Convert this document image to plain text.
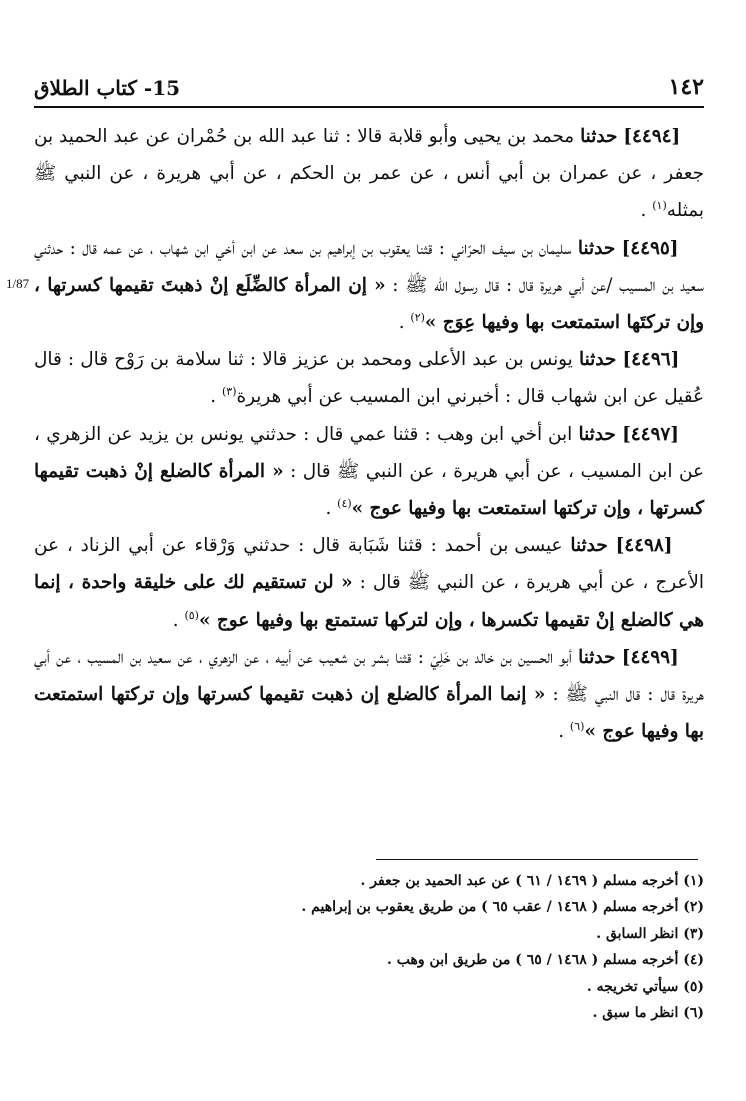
١٤٢
15- كتاب الطلاق
1/87

[٤٤٩٤] حدثنا محمد بن يحيى وأبو قلابة قالا : ثنا عبد الله بن حُمْران عن عبد الحميد بن جعفر ، عن عمران بن أبي أنس ، عن عمر بن الحكم ، عن أبي هريرة ، عن النبي ﷺ بمثله$^{(١)}$ .

[٤٤٩٥] حدثنا سليمان بن سيف الحرّاني : قثنا يعقوب بن إبراهيم بن سعد عن ابن أخي ابن شهاب ، عن عمه قال : حدثني سعيد بن المسيب /عن أبي هريرة قال : قال رسول الله ﷺ : « إن المرأة كالضِّلَع إنْ ذهبتَ تقيمها كسرتها ، وإن تركتَها استمتعت بها وفيها عِوَج »$^{(٢)}$ .

[٤٤٩٦] حدثنا يونس بن عبد الأعلى ومحمد بن عزيز قالا : ثنا سلامة بن رَوْح قال : قال عُقيل عن ابن شهاب قال : أخبرني ابن المسيب عن أبي هريرة$^{(٣)}$ .

[٤٤٩٧] حدثنا ابن أخي ابن وهب : قثنا عمي قال : حدثني يونس بن يزيد عن الزهري ، عن ابن المسيب ، عن أبي هريرة ، عن النبي ﷺ قال : « المرأة كالضلع إنْ ذهبت تقيمها كسرتها ، وإن تركتها استمتعت بها وفيها عوج »$^{(٤)}$ .

[٤٤٩٨] حدثنا عيسى بن أحمد : قثنا شَبَابة قال : حدثني وَرْقاء عن أبي الزناد ، عن الأعرج ، عن أبي هريرة ، عن النبي ﷺ قال : « لن تستقيم لك على خليقة واحدة ، إنما هي كالضلع إنْ تقيمها تكسرها ، وإن لتركها تستمتع بها وفيها عوج »$^{(٥)}$ .

[٤٤٩٩] حدثنا أبو الحسين بن خالد بن خَلِيّ : قثنا بشر بن شعيب عن أبيه ، عن الزهري ، عن سعيد بن المسيب ، عن أبي هريرة قال : قال النبي ﷺ : « إنما المرأة كالضلع إن ذهبت تقيمها كسرتها وإن تركتها استمتعت بها وفيها عوج »$^{(٦)}$ .

(١) أخرجه مسلم ( ١٤٦٩ / ٦١ ) عن عبد الحميد بن جعفر .

(٢) أخرجه مسلم ( ١٤٦٨ / عقب ٦٥ ) من طريق يعقوب بن إبراهيم .

(٣) انظر السابق .

(٤) أخرجه مسلم ( ١٤٦٨ / ٦٥ ) من طريق ابن وهب .

(٥) سيأتي تخريجه .

(٦) انظر ما سبق .
